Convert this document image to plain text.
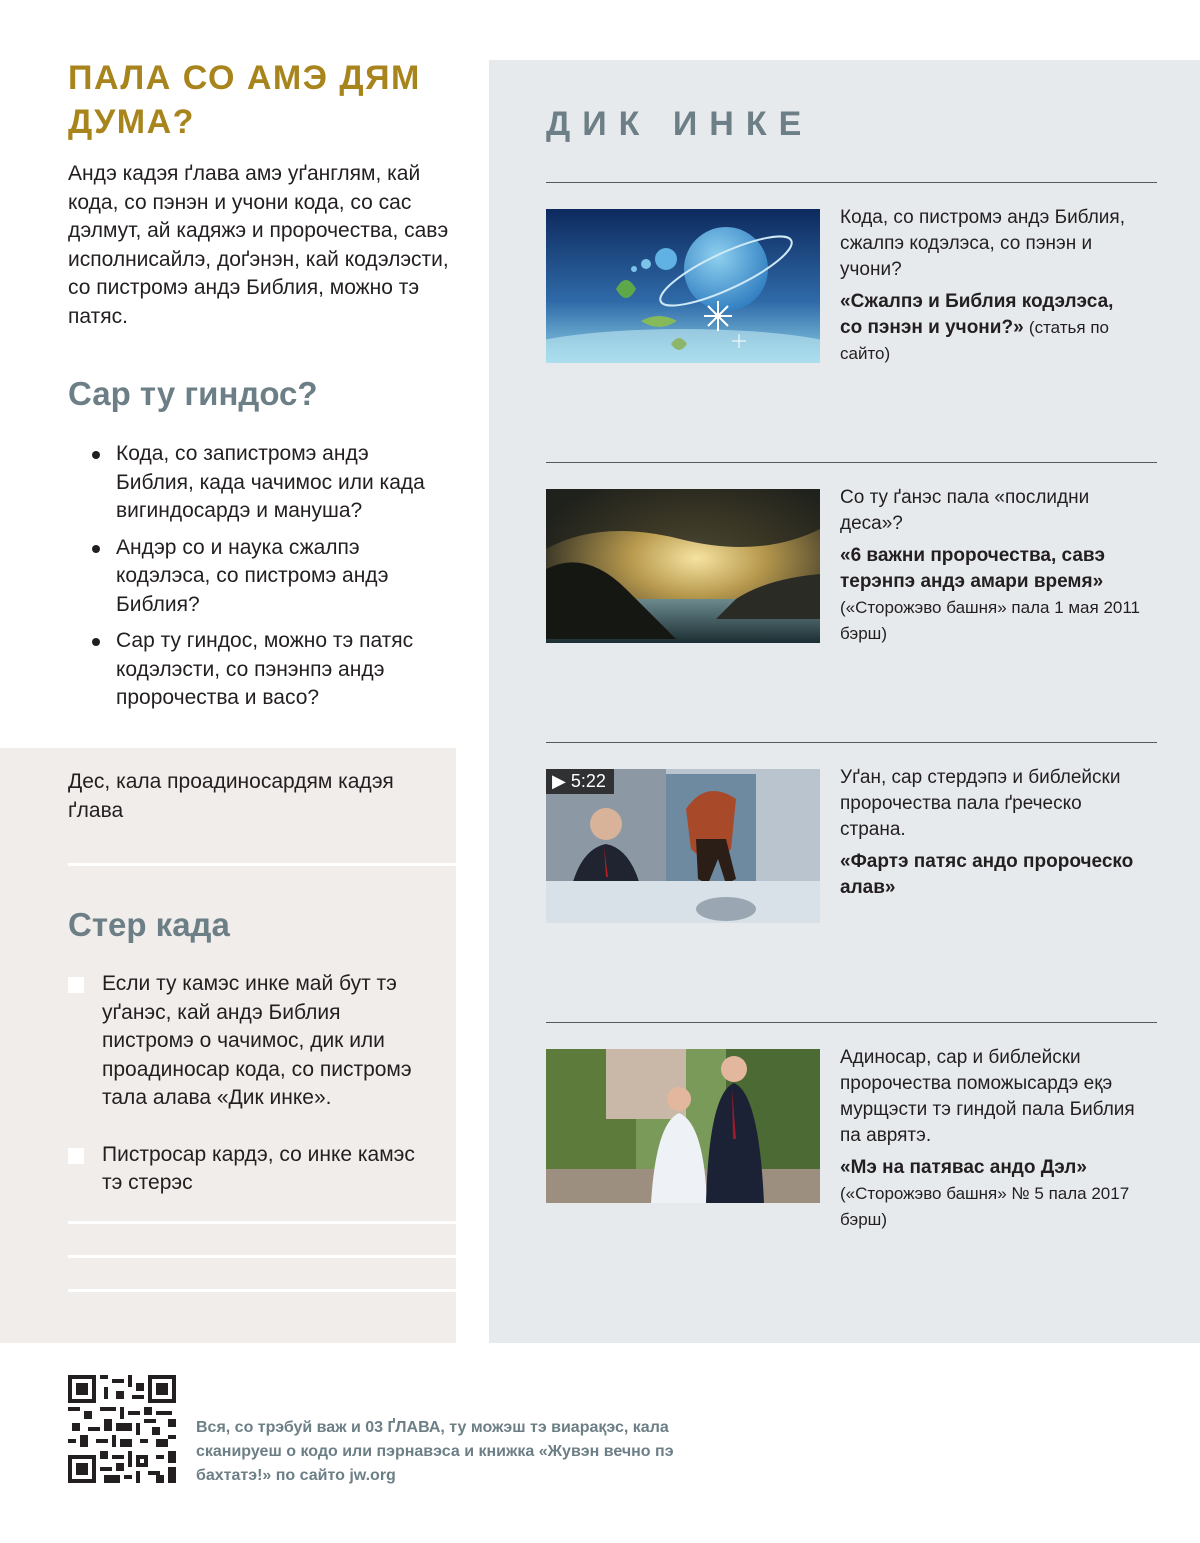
ПАЛА СО АМЭ ДЯМ ДУМА?

Андэ кадэя ґлава амэ уґанглям, кай кода, со пэнэн и учони кода, со сас дэлмут, ай кадяжэ и пророчества, савэ исполнисайлэ, доґэнэн, кай кодэлэсти, со пистромэ андэ Библия, можно тэ патяс.

Сар ту гиндос?
Кода, со запистромэ андэ Библия, када чачимос или када вигиндосардэ и мануша?
Андэр со и наука сжалпэ кодэлэса, со пистромэ андэ Библия?
Сар ту гиндос, можно тэ патяс кодэлэсти, со пэнэнпэ андэ пророчества и васо?

Дес, кала проадиносардям кадэя ґлава

Стер када
Если ту камэс инке май бут тэ уґанэс, кай андэ Библия пистромэ о чачимос, дик или проадиносар кода, со пистромэ тала алава «Дик инке».
Пистросар кардэ, со инке камэс тэ стерэс
ДИК ИНКЕ
Кода, со пистромэ андэ Библия, сжалпэ кодэлэса, со пэнэн и учони?
«Сжалпэ и Библия кодэлэса, со пэнэн и учони?» (статья по сайто)
Со ту ґанэс пала «послидни деса»?
«6 важни пророчества, савэ терэнпэ андэ амари время»
(«Сторожэво башня» пала 1 мая 2011 бэрш)
▶ 5:22	Уґан, сар стердэпэ и библейски пророчества пала ґреческо страна.
«Фартэ патяс андо пророческо алав»
Адиносар, сар и библейски пророчества поможысардэ еқэ мурщэсти тэ гиндой пала Библия па аврятэ.
«Мэ на патявас андо Дэл»
(«Сторожэво башня» № 5 пала 2017 бэрш)

Вся, со трэбуй важ и 03 ҐЛАВА, ту можэш тэ виарақэс, кала сканируеш о кодо или пэрнавэса и книжка «Жувэн вечно пэ бахтатэ!» по сайто jw.org
